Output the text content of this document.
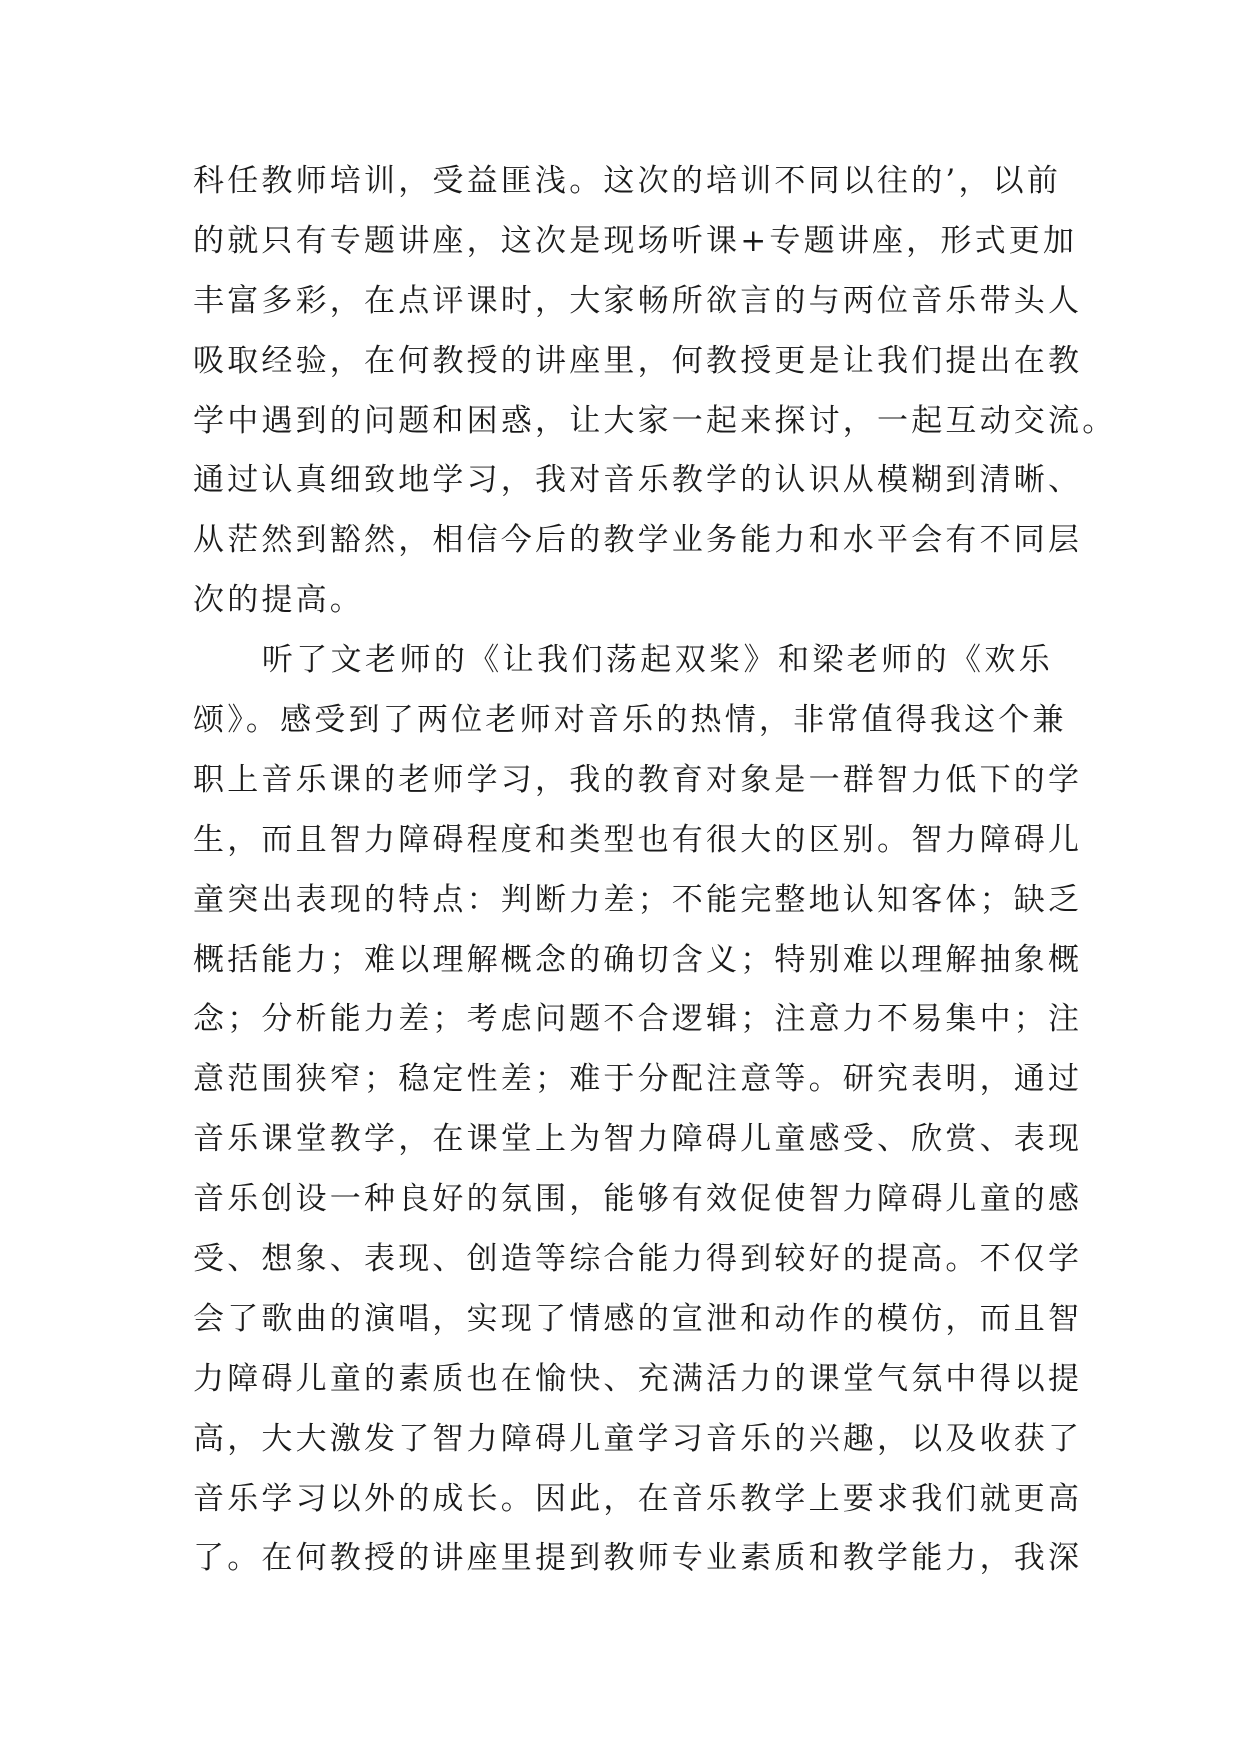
科任教师培训，受益匪浅。这次的培训不同以往的’，以前
的就只有专题讲座，这次是现场听课+专题讲座，形式更加
丰富多彩，在点评课时，大家畅所欲言的与两位音乐带头人
吸取经验，在何教授的讲座里，何教授更是让我们提出在教
学中遇到的问题和困惑，让大家一起来探讨，一起互动交流。
通过认真细致地学习，我对音乐教学的认识从模糊到清晰、
从茫然到豁然，相信今后的教学业务能力和水平会有不同层
次的提高。
　　听了文老师的《让我们荡起双桨》和梁老师的《欢乐
颂》。感受到了两位老师对音乐的热情，非常值得我这个兼
职上音乐课的老师学习，我的教育对象是一群智力低下的学
生，而且智力障碍程度和类型也有很大的区别。智力障碍儿
童突出表现的特点：判断力差；不能完整地认知客体；缺乏
概括能力；难以理解概念的确切含义；特别难以理解抽象概
念；分析能力差；考虑问题不合逻辑；注意力不易集中；注
意范围狭窄；稳定性差；难于分配注意等。研究表明，通过
音乐课堂教学，在课堂上为智力障碍儿童感受、欣赏、表现
音乐创设一种良好的氛围，能够有效促使智力障碍儿童的感
受、想象、表现、创造等综合能力得到较好的提高。不仅学
会了歌曲的演唱，实现了情感的宣泄和动作的模仿，而且智
力障碍儿童的素质也在愉快、充满活力的课堂气氛中得以提
高，大大激发了智力障碍儿童学习音乐的兴趣，以及收获了
音乐学习以外的成长。因此，在音乐教学上要求我们就更高
了。在何教授的讲座里提到教师专业素质和教学能力，我深
